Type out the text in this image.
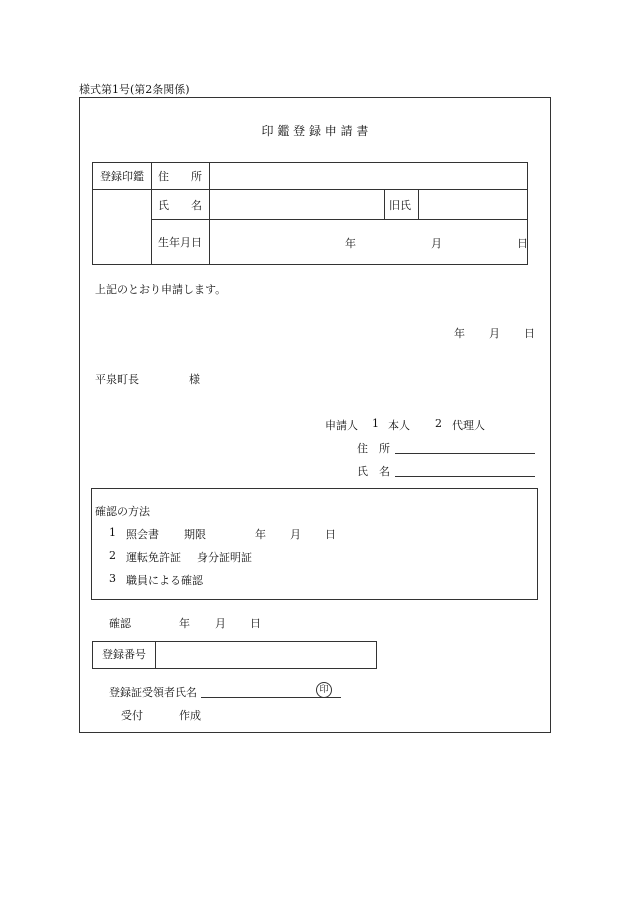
様式第1号(第2条関係)
印 鑑 登 録 申 請 書
登録印鑑	住　　所			
	氏　　名		旧氏	
	生年月日	年 月 日		
上記のとおり申請します。
年 月 日
平泉町長	様
申請人 1 本人 2 代理人
住　所
氏　名
確認の方法
1 照会書 期限	年 月 日
2 運転免許証 身分証明証
3 職員による確認
確認	年 月 日
登録番号
登録証受領者氏名	印
受付	作成
